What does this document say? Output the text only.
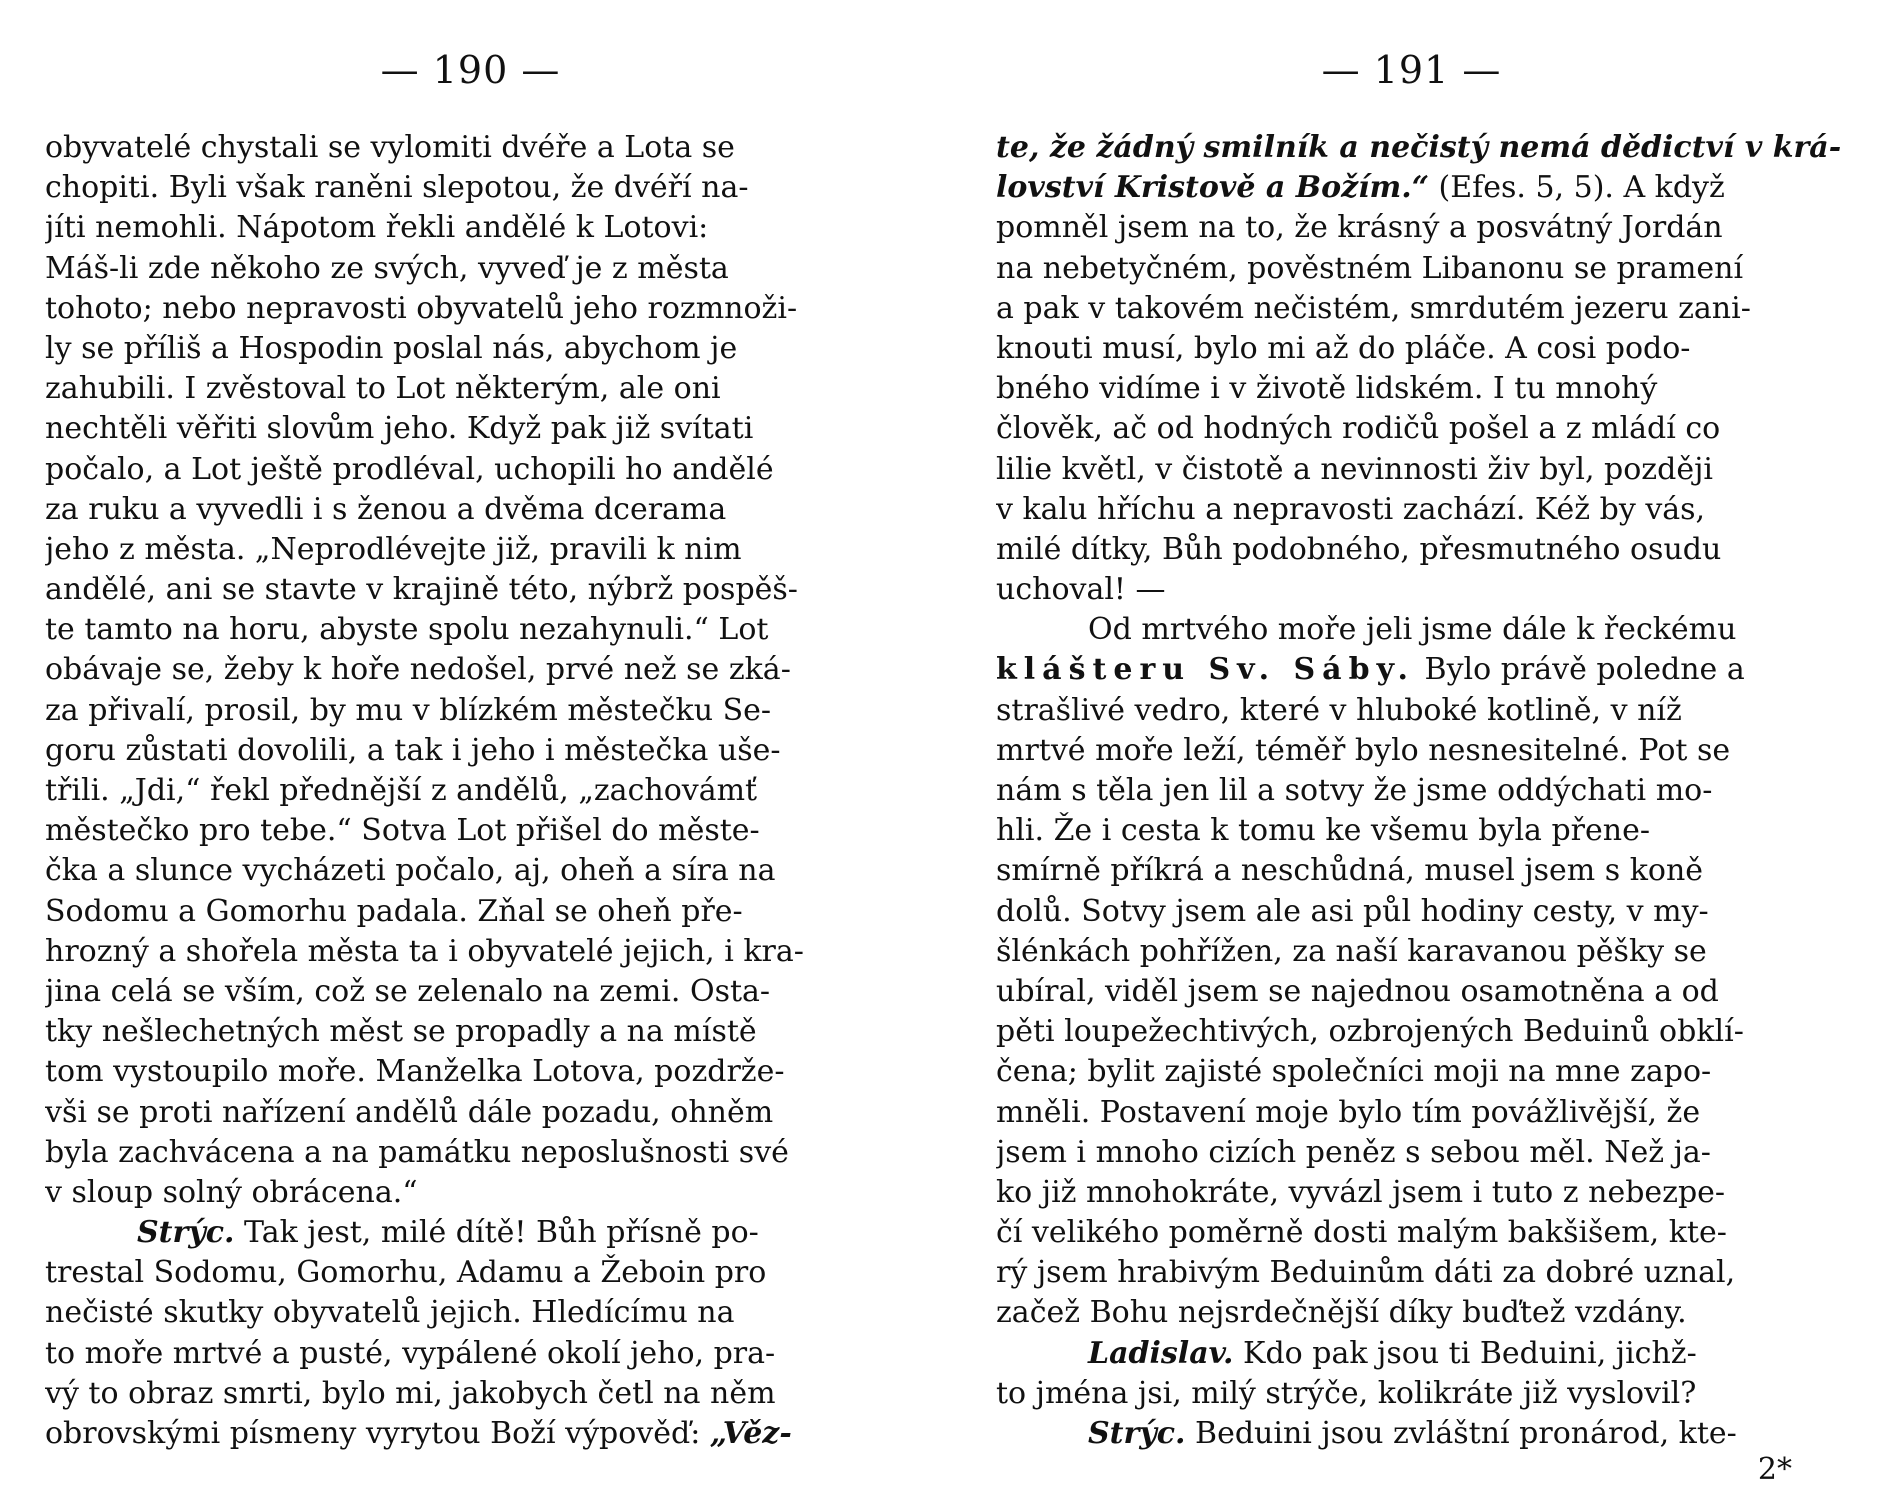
— 190 —
obyvatelé chystali se vylomiti dvéře a Lota se
chopiti. Byli však raněni slepotou, že dvéří na-
jíti nemohli. Nápotom řekli andělé k Lotovi:
Máš-li zde někoho ze svých, vyveď je z města
tohoto; nebo nepravosti obyvatelů jeho rozmnoži-
ly se příliš a Hospodin poslal nás, abychom je
zahubili. I zvěstoval to Lot některým, ale oni
nechtěli věřiti slovům jeho. Když pak již svítati
počalo, a Lot ještě prodléval, uchopili ho andělé
za ruku a vyvedli i s ženou a dvěma dcerama
jeho z města. „Neprodlévejte již, pravili k nim
andělé, ani se stavte v krajině této, nýbrž pospěš-
te tamto na horu, abyste spolu nezahynuli.“ Lot
obávaje se, žeby k hoře nedošel, prvé než se zká-
za přivalí, prosil, by mu v blízkém městečku Se-
goru zůstati dovolili, a tak i jeho i městečka uše-
třili. „Jdi,“ řekl přednější z andělů, „zachovámť
městečko pro tebe.“ Sotva Lot přišel do měste-
čka a slunce vycházeti počalo, aj, oheň a síra na
Sodomu a Gomorhu padala. Zňal se oheň pře-
hrozný a shořela města ta i obyvatelé jejich, i kra-
jina celá se vším, což se zelenalo na zemi. Osta-
tky nešlechetných měst se propadly a na místě
tom vystoupilo moře. Manželka Lotova, pozdrže-
vši se proti nařízení andělů dále pozadu, ohněm
byla zachvácena a na památku neposlušnosti své
v sloup solný obrácena.“
Strýc. Tak jest, milé dítě! Bůh přísně po-
trestal Sodomu, Gomorhu, Adamu a Žeboin pro
nečisté skutky obyvatelů jejich. Hledícímu na
to moře mrtvé a pusté, vypálené okolí jeho, pra-
vý to obraz smrti, bylo mi, jakobych četl na něm
obrovskými písmeny vyrytou Boží výpověď: „Věz-
— 191 —
te, že žádný smilník a nečistý nemá dědictví v krá-
lovství Kristově a Božím.“ (Efes. 5, 5). A když
pomněl jsem na to, že krásný a posvátný Jordán
na nebetyčném, pověstném Libanonu se pramení
a pak v takovém nečistém, smrdutém jezeru zani-
knouti musí, bylo mi až do pláče. A cosi podo-
bného vidíme i v životě lidském. I tu mnohý
člověk, ač od hodných rodičů pošel a z mládí co
lilie květl, v čistotě a nevinnosti živ byl, později
v kalu hříchu a nepravosti zachází. Kéž by vás,
milé dítky, Bůh podobného, přesmutného osudu
uchoval! —
Od mrtvého moře jeli jsme dále k řeckému
klášteru Sv. Sáby. Bylo právě poledne a
strašlivé vedro, které v hluboké kotlině, v níž
mrtvé moře leží, téměř bylo nesnesitelné. Pot se
nám s těla jen lil a sotvy že jsme oddýchati mo-
hli. Že i cesta k tomu ke všemu byla přene-
smírně příkrá a neschůdná, musel jsem s koně
dolů. Sotvy jsem ale asi půl hodiny cesty, v my-
šlénkách pohřížen, za naší karavanou pěšky se
ubíral, viděl jsem se najednou osamotněna a od
pěti loupežechtivých, ozbrojených Beduinů obklí-
čena; bylit zajisté společníci moji na mne zapo-
mněli. Postavení moje bylo tím povážlivější, že
jsem i mnoho cizích peněz s sebou měl. Než ja-
ko již mnohokráte, vyvázl jsem i tuto z nebezpe-
čí velikého poměrně dosti malým bakšišem, kte-
rý jsem hrabivým Beduinům dáti za dobré uznal,
začež Bohu nejsrdečnější díky buďtež vzdány.
Ladislav. Kdo pak jsou ti Beduini, jichž-
to jména jsi, milý strýče, kolikráte již vyslovil?
Strýc. Beduini jsou zvláštní pronárod, kte-
2*
